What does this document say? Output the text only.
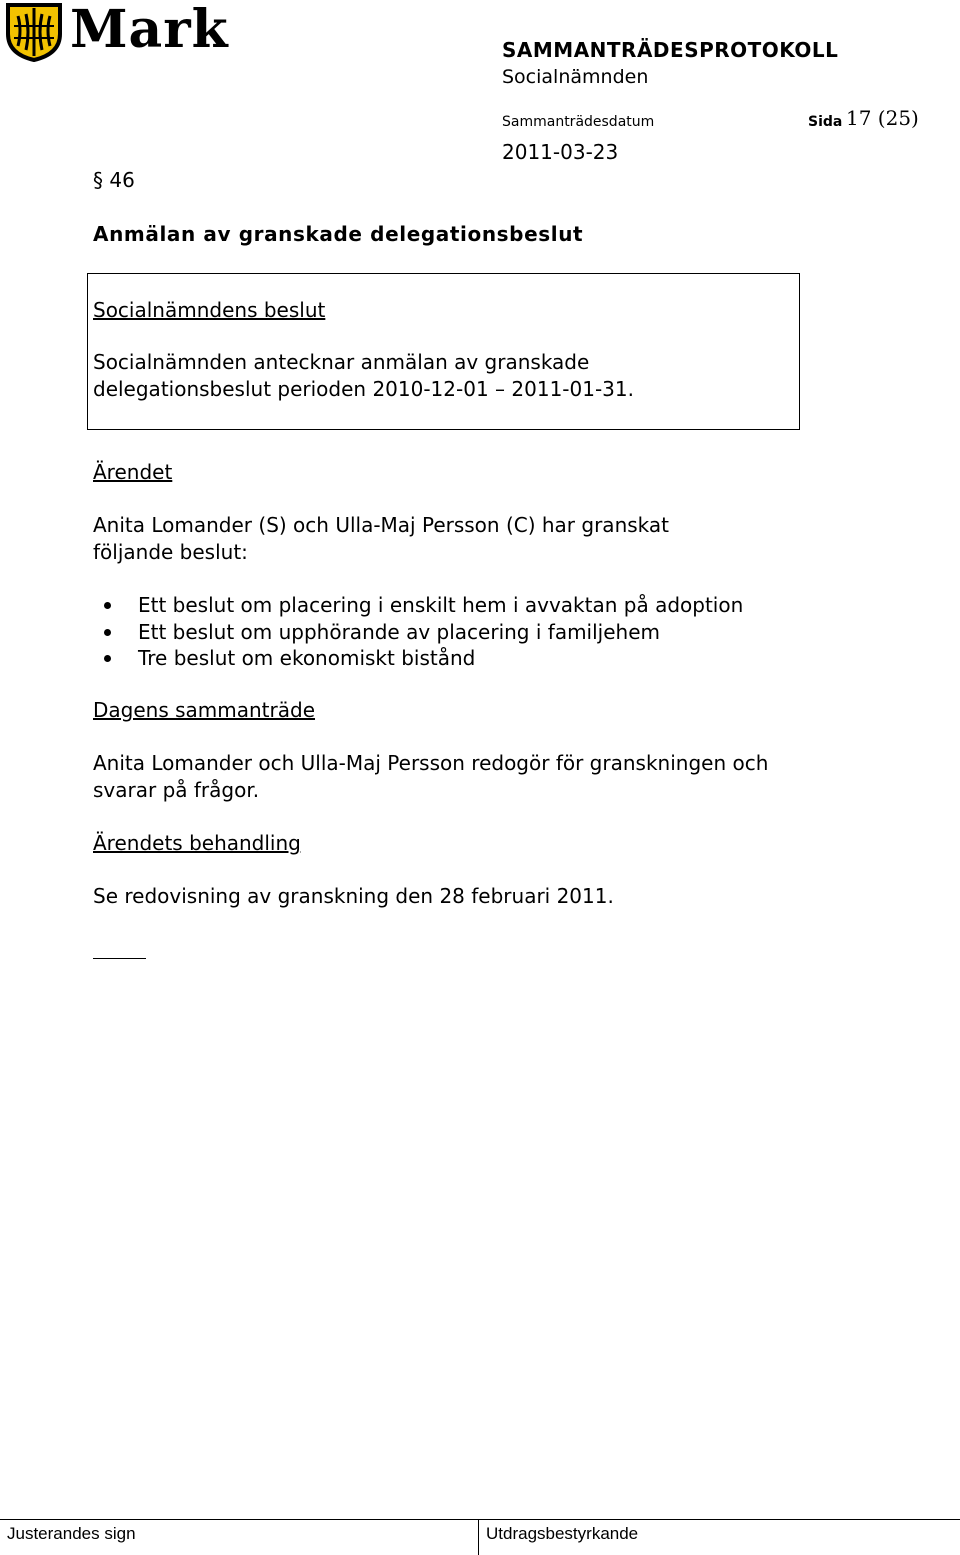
Mark	SAMMANTRÄDESPROTOKOLL
Socialnämnden
Sammanträdesdatum
2011-03-23
Sida 17 (25)
§ 46
Anmälan av granskade delegationsbeslut
Socialnämndens beslut
Socialnämnden antecknar anmälan av granskade
delegationsbeslut perioden 2010-12-01 – 2011-01-31.
Ärendet
Anita Lomander (S) och Ulla-Maj Persson (C) har granskat
följande beslut:
Ett beslut om placering i enskilt hem i avvaktan på adoption
Ett beslut om upphörande av placering i familjehem
Tre beslut om ekonomiskt bistånd
Dagens sammanträde
Anita Lomander och Ulla-Maj Persson redogör för granskningen och
svarar på frågor.
Ärendets behandling
Se redovisning av granskning den 28 februari 2011.
Justerandes sign	Utdragsbestyrkande
